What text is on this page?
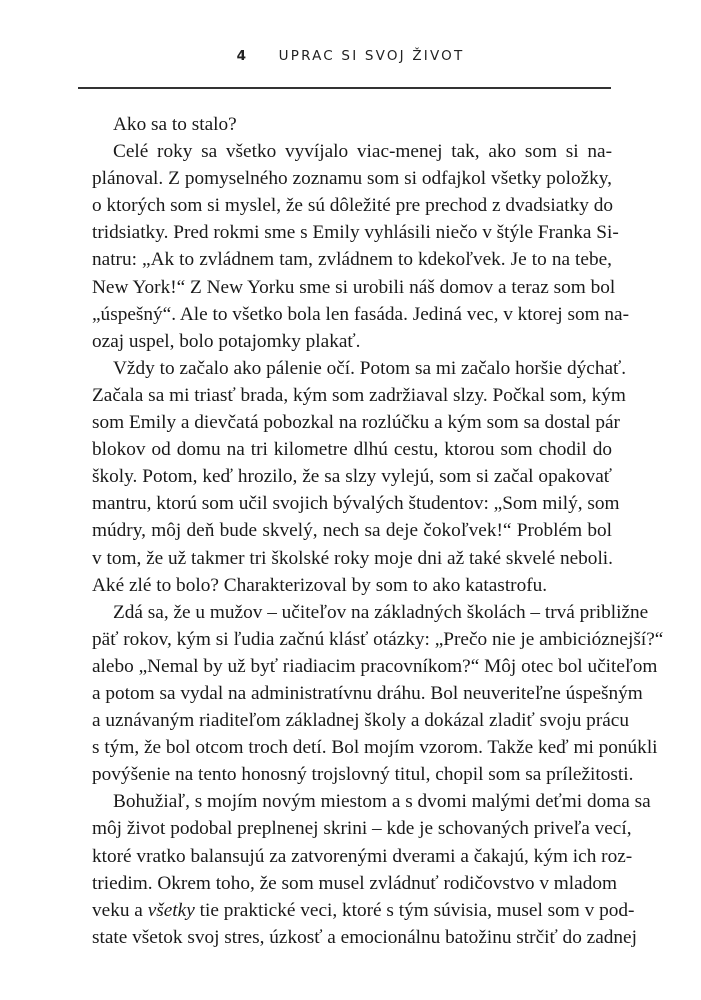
4 UPRAC SI SVOJ ŽIVOT
Ako sa to stalo?
Celé roky sa všetko vyvíjalo viac-menej tak, ako som si na-
plánoval. Z pomyselného zoznamu som si odfajkol všetky položky,
o ktorých som si myslel, že sú dôležité pre prechod z dvadsiatky do
tridsiatky. Pred rokmi sme s Emily vyhlásili niečo v štýle Franka Si-
natru: „Ak to zvládnem tam, zvládnem to kdekoľvek. Je to na tebe,
New York!“ Z New Yorku sme si urobili náš domov a teraz som bol
„úspešný“. Ale to všetko bola len fasáda. Jediná vec, v ktorej som na-
ozaj uspel, bolo potajomky plakať.
Vždy to začalo ako pálenie očí. Potom sa mi začalo horšie dýchať.
Začala sa mi triasť brada, kým som zadržiaval slzy. Počkal som, kým
som Emily a dievčatá pobozkal na rozlúčku a kým som sa dostal pár
blokov od domu na tri kilometre dlhú cestu, ktorou som chodil do
školy. Potom, keď hrozilo, že sa slzy vylejú, som si začal opakovať
mantru, ktorú som učil svojich bývalých študentov: „Som milý, som
múdry, môj deň bude skvelý, nech sa deje čokoľvek!“ Problém bol
v tom, že už takmer tri školské roky moje dni až také skvelé neboli.
Aké zlé to bolo? Charakterizoval by som to ako katastrofu.
Zdá sa, že u mužov – učiteľov na základných školách – trvá približne
päť rokov, kým si ľudia začnú klásť otázky: „Prečo nie je ambicióznejší?“
alebo „Nemal by už byť riadiacim pracovníkom?“ Môj otec bol učiteľom
a potom sa vydal na administratívnu dráhu. Bol neuveriteľne úspešným
a uznávaným riaditeľom základnej školy a dokázal zladiť svoju prácu
s tým, že bol otcom troch detí. Bol mojím vzorom. Takže keď mi ponúkli
povýšenie na tento honosný trojslovný titul, chopil som sa príležitosti.
Bohužiaľ, s mojím novým miestom a s dvomi malými deťmi doma sa
môj život podobal preplnenej skrini – kde je schovaných priveľa vecí,
ktoré vratko balansujú za zatvorenými dverami a čakajú, kým ich roz-
triedim. Okrem toho, že som musel zvládnuť rodičovstvo v mladom
veku a všetky tie praktické veci, ktoré s tým súvisia, musel som v pod-
state všetok svoj stres, úzkosť a emocionálnu batožinu strčiť do zadnej
